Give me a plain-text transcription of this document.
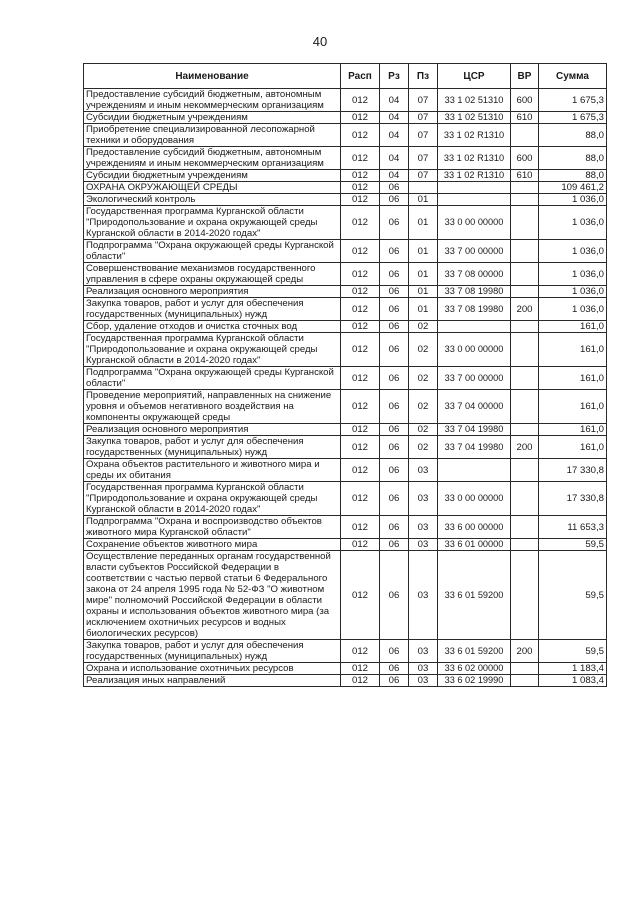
40
Наименование	Расп	Рз	Пз	ЦСР	ВР	Сумма
Предоставление субсидий бюджетным, автономным учреждениям и иным некоммерческим организациям	012	04	07	33 1 02 51310	600	1 675,3
Субсидии бюджетным учреждениям	012	04	07	33 1 02 51310	610	1 675,3
Приобретение специализированной лесопожарной техники и оборудования	012	04	07	33 1 02 R1310		88,0
Предоставление субсидий бюджетным, автономным учреждениям и иным некоммерческим организациям	012	04	07	33 1 02 R1310	600	88,0
Субсидии бюджетным учреждениям	012	04	07	33 1 02 R1310	610	88,0
ОХРАНА ОКРУЖАЮЩЕЙ СРЕДЫ	012	06				109 461,2
Экологический контроль	012	06	01			1 036,0
Государственная программа Курганской области "Природопользование и охрана окружающей среды Курганской области в 2014-2020 годах"	012	06	01	33 0 00 00000		1 036,0
Подпрограмма "Охрана окружающей среды Курганской области"	012	06	01	33 7 00 00000		1 036,0
Совершенствование механизмов государственного управления в сфере охраны окружающей среды	012	06	01	33 7 08 00000		1 036,0
Реализация основного мероприятия	012	06	01	33 7 08 19980		1 036,0
Закупка товаров, работ и услуг для обеспечения государственных (муниципальных) нужд	012	06	01	33 7 08 19980	200	1 036,0
Сбор, удаление отходов и очистка сточных вод	012	06	02			161,0
Государственная программа Курганской области "Природопользование и охрана окружающей среды Курганской области в 2014-2020 годах"	012	06	02	33 0 00 00000		161,0
Подпрограмма "Охрана окружающей среды Курганской области"	012	06	02	33 7 00 00000		161,0
Проведение мероприятий, направленных на снижение уровня и объемов негативного воздействия на компоненты окружающей среды	012	06	02	33 7 04 00000		161,0
Реализация основного мероприятия	012	06	02	33 7 04 19980		161,0
Закупка товаров, работ и услуг для обеспечения государственных (муниципальных) нужд	012	06	02	33 7 04 19980	200	161,0
Охрана объектов растительного и животного мира и среды их обитания	012	06	03			17 330,8
Государственная программа Курганской области "Природопользование и охрана окружающей среды Курганской области в 2014-2020 годах"	012	06	03	33 0 00 00000		17 330,8
Подпрограмма "Охрана и воспроизводство объектов животного мира Курганской области"	012	06	03	33 6 00 00000		11 653,3
Сохранение объектов животного мира	012	06	03	33 6 01 00000		59,5
Осуществление переданных органам государственной власти субъектов Российской Федерации в соответствии с частью первой статьи 6 Федерального закона от 24 апреля 1995 года № 52-ФЗ "О животном мире" полномочий Российской Федерации в области охраны и использования объектов животного мира (за исключением охотничьих ресурсов и водных биологических ресурсов)	012	06	03	33 6 01 59200		59,5
Закупка товаров, работ и услуг для обеспечения государственных (муниципальных) нужд	012	06	03	33 6 01 59200	200	59,5
Охрана и использование охотничьих ресурсов	012	06	03	33 6 02 00000		1 183,4
Реализация иных направлений	012	06	03	33 6 02 19990		1 083,4
